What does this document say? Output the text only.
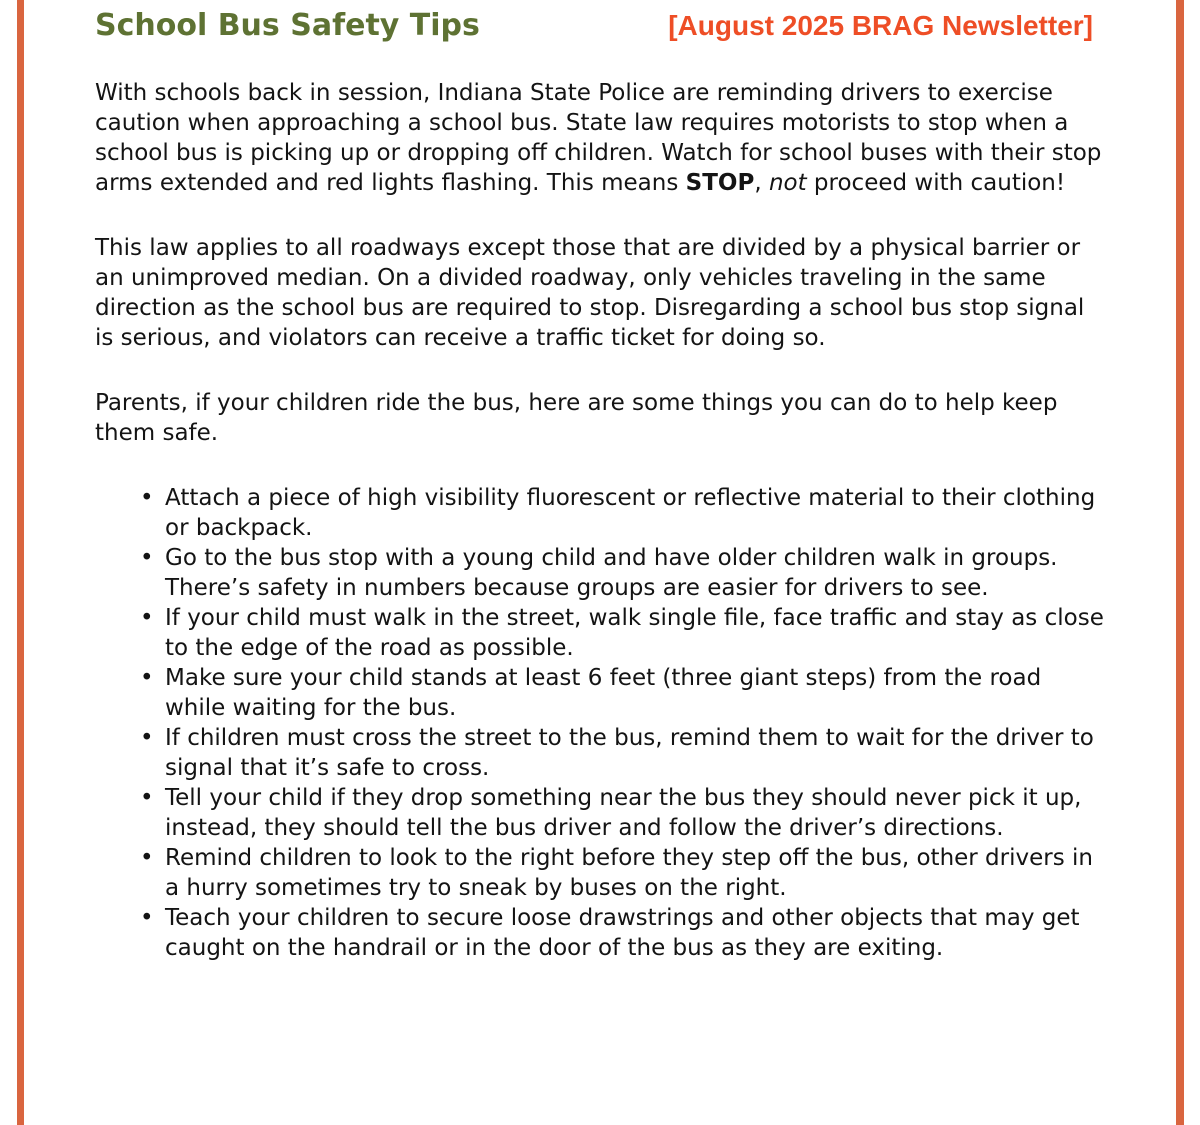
School Bus Safety Tips	[August 2025 BRAG Newsletter]

With schools back in session, Indiana State Police are reminding drivers to exercise caution when approaching a school bus. State law requires motorists to stop when a school bus is picking up or dropping off children. Watch for school buses with their stop arms extended and red lights flashing. This means STOP, not proceed with caution!

This law applies to all roadways except those that are divided by a physical barrier or an unimproved median. On a divided roadway, only vehicles traveling in the same direction as the school bus are required to stop. Disregarding a school bus stop signal is serious, and violators can receive a traffic ticket for doing so.

Parents, if your children ride the bus, here are some things you can do to help keep them safe.

• Attach a piece of high visibility fluorescent or reflective material to their clothing or backpack.
• Go to the bus stop with a young child and have older children walk in groups. There’s safety in numbers because groups are easier for drivers to see.
• If your child must walk in the street, walk single file, face traffic and stay as close to the edge of the road as possible.
• Make sure your child stands at least 6 feet (three giant steps) from the road while waiting for the bus.
• If children must cross the street to the bus, remind them to wait for the driver to signal that it’s safe to cross.
• Tell your child if they drop something near the bus they should never pick it up, instead, they should tell the bus driver and follow the driver’s directions.
• Remind children to look to the right before they step off the bus, other drivers in a hurry sometimes try to sneak by buses on the right.
• Teach your children to secure loose drawstrings and other objects that may get caught on the handrail or in the door of the bus as they are exiting.
